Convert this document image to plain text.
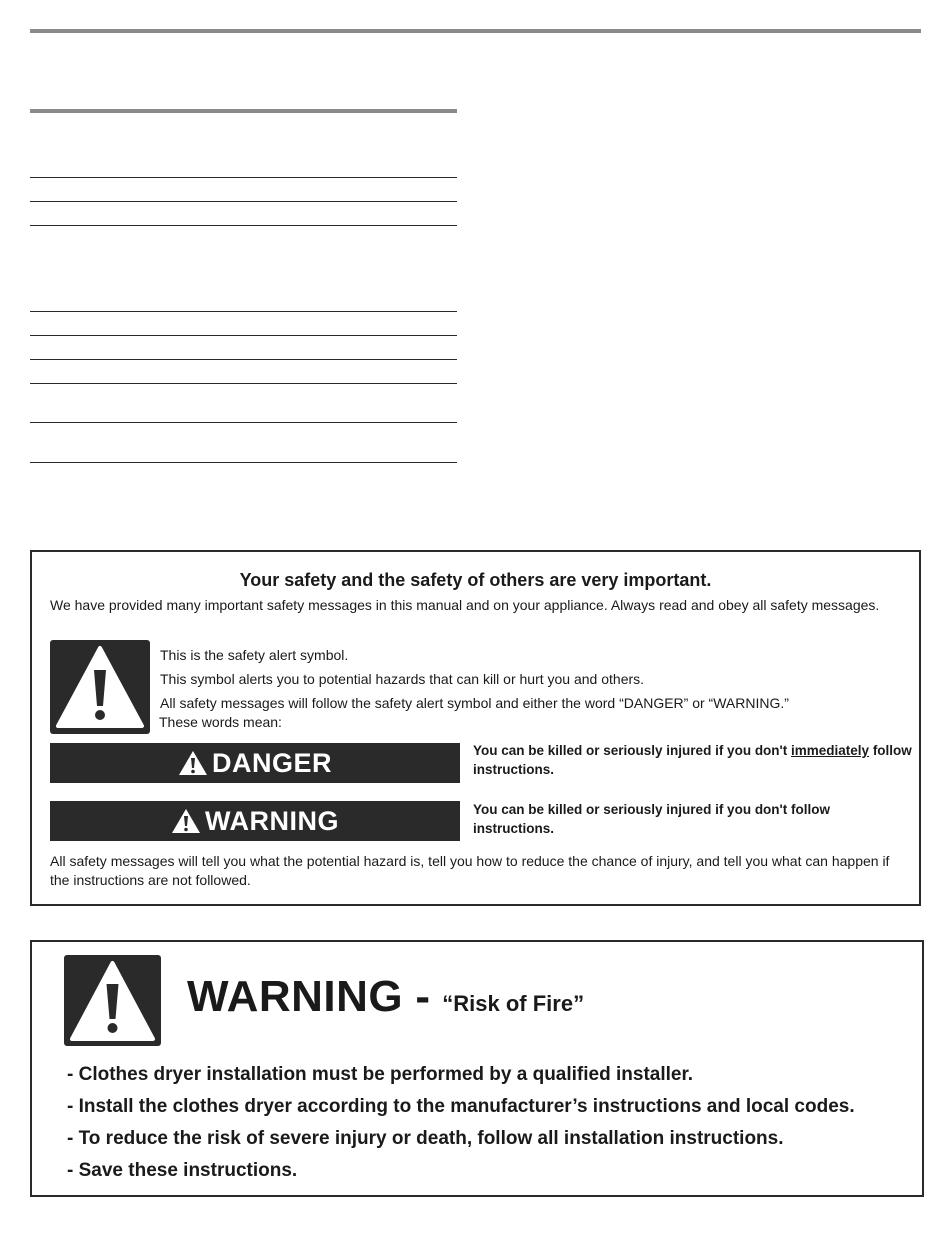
Your safety and the safety of others are very important.

We have provided many important safety messages in this manual and on your appliance. Always read and obey all safety messages.

This is the safety alert symbol.

This symbol alerts you to potential hazards that can kill or hurt you and others.

All safety messages will follow the safety alert symbol and either the word “DANGER” or “WARNING.”

These words mean:

DANGER	You can be killed or seriously injured if you don't immediately follow instructions.

WARNING	You can be killed or seriously injured if you don't follow instructions.

All safety messages will tell you what the potential hazard is, tell you how to reduce the chance of injury, and tell you what can happen if the instructions are not followed.

WARNING - “Risk of Fire”

- Clothes dryer installation must be performed by a qualified installer.

- Install the clothes dryer according to the manufacturer’s instructions and local codes.

- To reduce the risk of severe injury or death, follow all installation instructions.

- Save these instructions.
